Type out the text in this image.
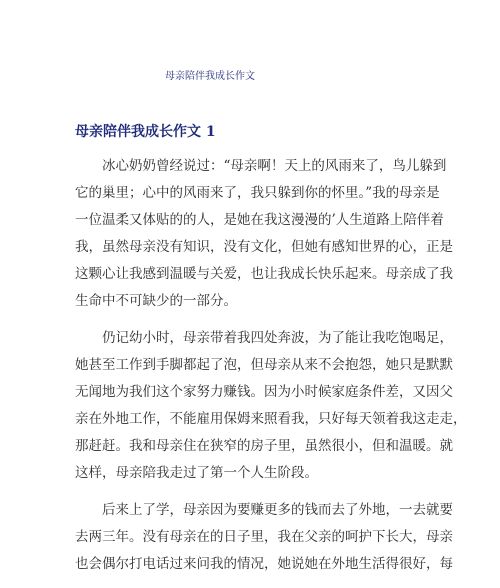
母亲陪伴我成长作文
母亲陪伴我成长作文 1
冰心奶奶曾经说过：“母亲啊！天上的风雨来了，鸟儿躲到
它的巢里；心中的风雨来了，我只躲到你的怀里。”我的母亲是
一位温柔又体贴的的人，是她在我这漫漫的’人生道路上陪伴着
我，虽然母亲没有知识，没有文化，但她有感知世界的心，正是
这颗心让我感到温暖与关爱，也让我成长快乐起来。母亲成了我
生命中不可缺少的一部分。
仍记幼小时，母亲带着我四处奔波，为了能让我吃饱喝足，
她甚至工作到手脚都起了泡，但母亲从来不会抱怨，她只是默默
无闻地为我们这个家努力赚钱。因为小时候家庭条件差，又因父
亲在外地工作，不能雇用保姆来照看我，只好每天领着我这走走，
那赶赶。我和母亲住在狭窄的房子里，虽然很小，但和温暖。就
这样，母亲陪我走过了第一个人生阶段。
后来上了学，母亲因为要赚更多的钱而去了外地，一去就要
去两三年。没有母亲在的日子里，我在父亲的呵护下长大，母亲
也会偶尔打电话过来问我的情况，她说她在外地生活得很好，每
